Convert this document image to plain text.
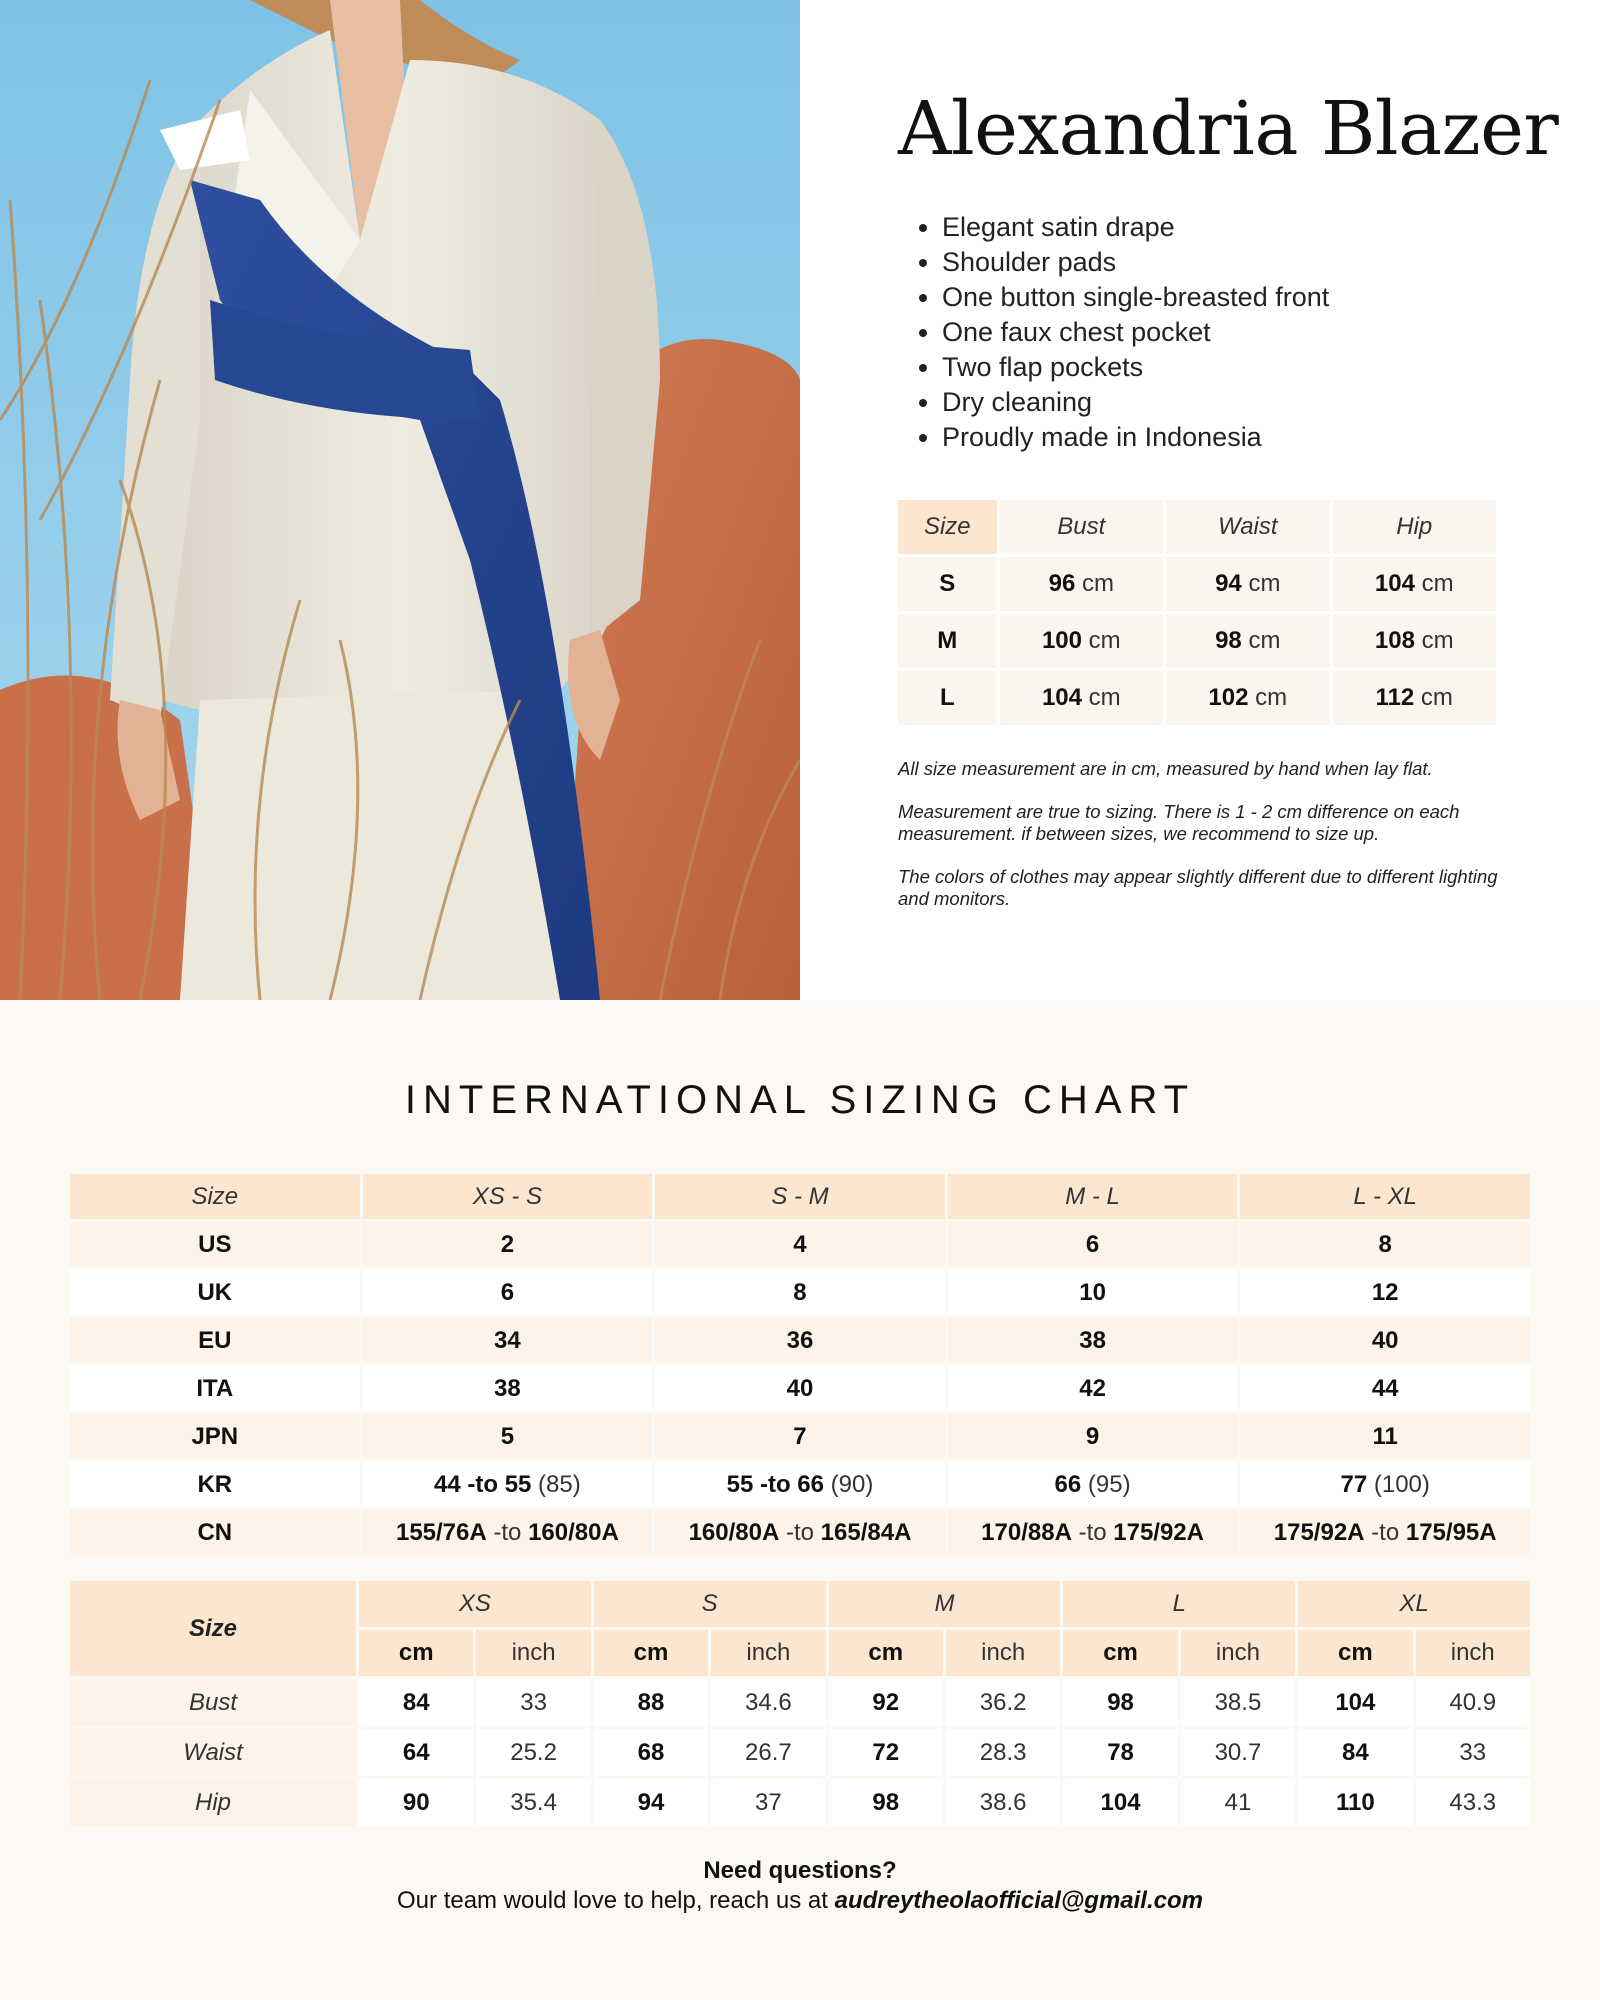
Alexandria Blazer
• Elegant satin drape
• Shoulder pads
• One button single-breasted front
• One faux chest pocket
• Two flap pockets
• Dry cleaning
• Proudly made in Indonesia
Size	Bust	Waist	Hip
S	96 cm	94 cm	104 cm
M	100 cm	98 cm	108 cm
L	104 cm	102 cm	112 cm

All size measurement are in cm, measured by hand when lay flat.

Measurement are true to sizing. There is 1 - 2 cm difference on each measurement. if between sizes, we recommend to size up.

The colors of clothes may appear slightly different due to different lighting and monitors.

INTERNATIONAL SIZING CHART
Size	XS - S	S - M	M - L	L - XL
US	2	4	6	8
UK	6	8	10	12
EU	34	36	38	40
ITA	38	40	42	44
JPN	5	7	9	11
KR	44 -to 55 (85)	55 -to 66 (90)	66 (95)	77 (100)
CN	155/76A -to 160/80A	160/80A -to 165/84A	170/88A -to 175/92A	175/92A -to 175/95A
Size	XS		S		M		L		XL	
	cm	inch	cm	inch	cm	inch	cm	inch	cm	inch
Bust	84	33	88	34.6	92	36.2	98	38.5	104	40.9
Waist	64	25.2	68	26.7	72	28.3	78	30.7	84	33
Hip	90	35.4	94	37	98	38.6	104	41	110	43.3
Need questions?
Our team would love to help, reach us at audreytheolaofficial@gmail.com
